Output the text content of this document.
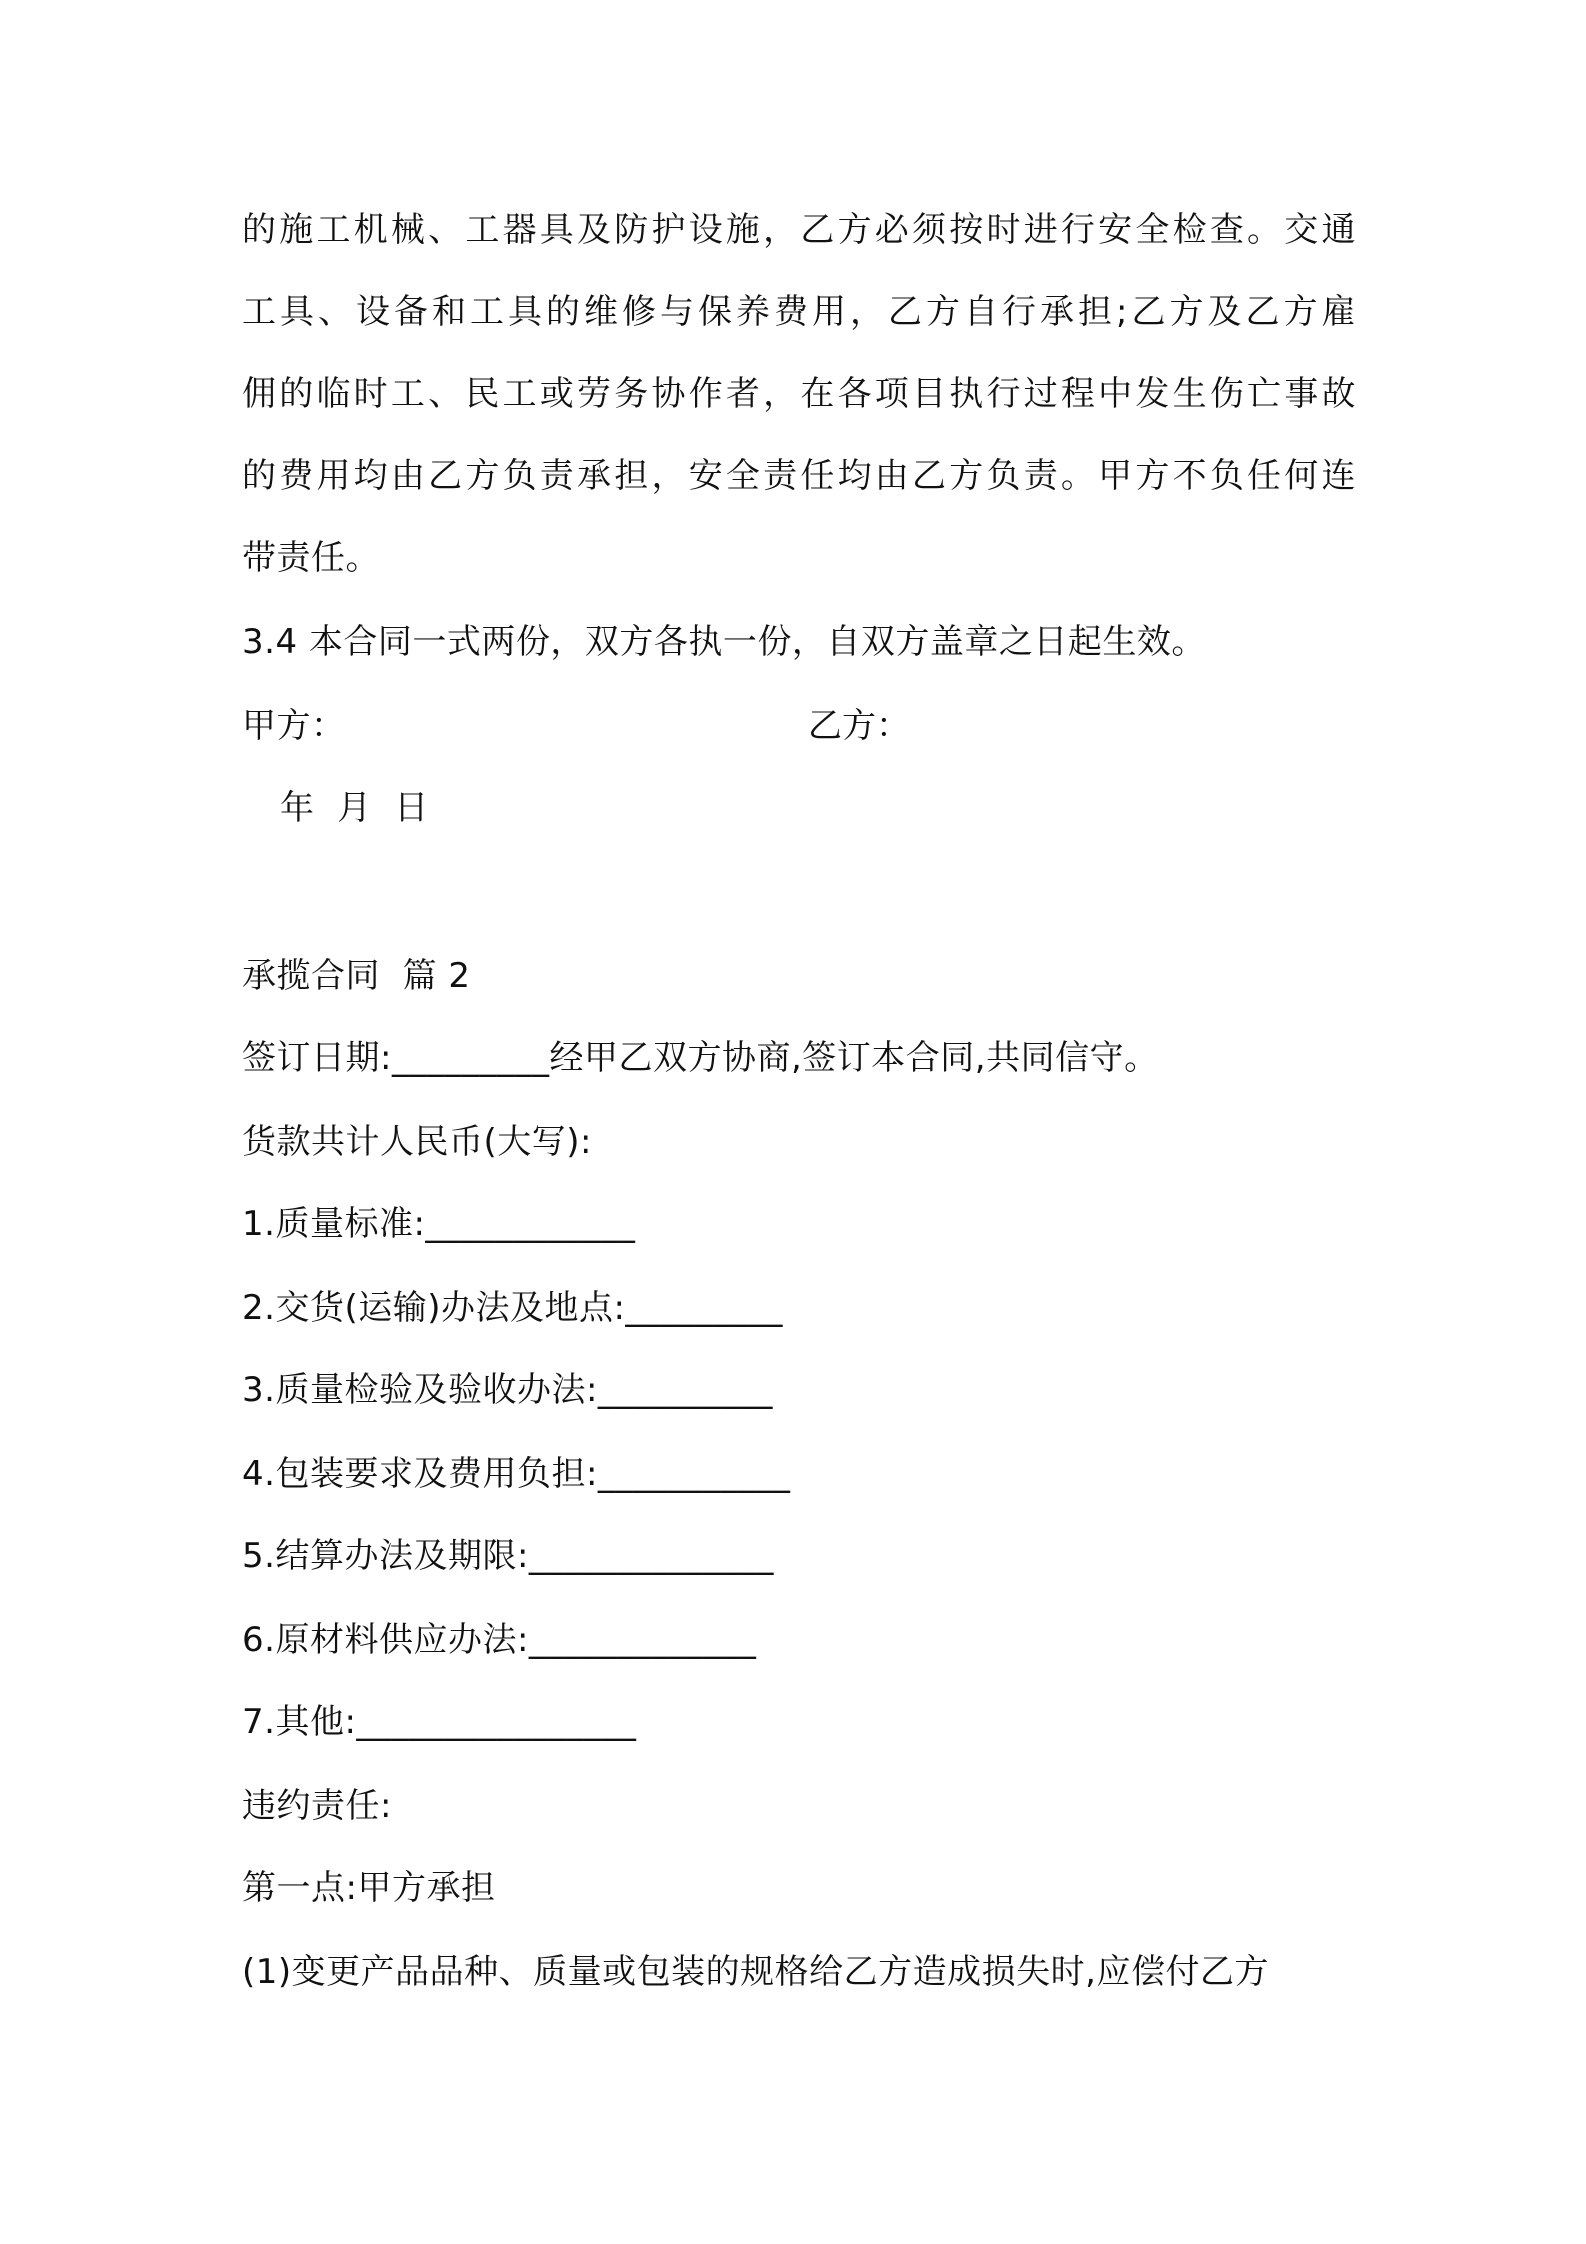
的施工机械、工器具及防护设施，乙方必须按时进行安全检查。交通

工具、设备和工具的维修与保养费用，乙方自行承担;乙方及乙方雇

佣的临时工、民工或劳务协作者，在各项目执行过程中发生伤亡事故

的费用均由乙方负责承担，安全责任均由乙方负责。甲方不负任何连

带责任。

3.4 本合同一式两份，双方各执一份，自双方盖章之日起生效。

甲方：	乙方：

年  月  日

承揽合同  篇 2

签订日期:_________经甲乙双方协商,签订本合同,共同信守。

货款共计人民币(大写):

1.质量标准:____________

2.交货(运输)办法及地点:_________

3.质量检验及验收办法:__________

4.包装要求及费用负担:___________

5.结算办法及期限:______________

6.原材料供应办法:_____________

7.其他:________________

违约责任:

第一点:甲方承担

(1)变更产品品种、质量或包装的规格给乙方造成损失时,应偿付乙方
